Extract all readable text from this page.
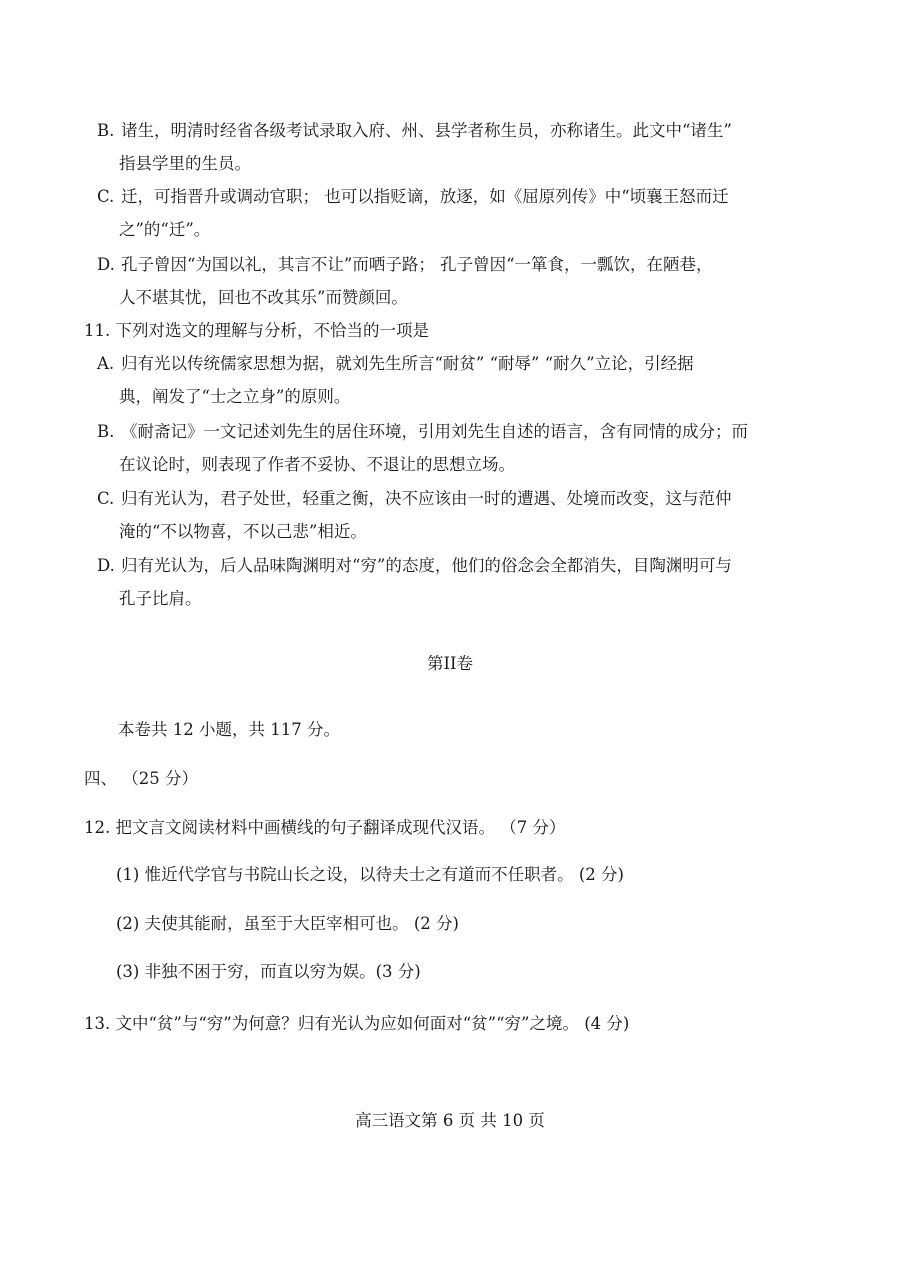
B. 诸生，明清时经省各级考试录取入府、州、县学者称生员，亦称诸生。此文中“诸生”
指县学里的生员。
C. 迁，可指晋升或调动官职； 也可以指贬谪，放逐，如《屈原列传》中“顷襄王怒而迁
之”的“迁”。
D. 孔子曾因“为国以礼，其言不让”而哂子路； 孔子曾因“一箪食，一瓢饮，在陋巷，
人不堪其忧，回也不改其乐”而赞颜回。
11. 下列对选文的理解与分析，不恰当的一项是
A. 归有光以传统儒家思想为据，就刘先生所言“耐贫” “耐辱” “耐久”立论，引经据
典，阐发了“士之立身”的原则。
B. 《耐斋记》一文记述刘先生的居住环境，引用刘先生自述的语言，含有同情的成分；而
在议论时，则表现了作者不妥协、不退让的思想立场。
C. 归有光认为，君子处世，轻重之衡，决不应该由一时的遭遇、处境而改变，这与范仲
淹的“不以物喜，不以己悲”相近。
D. 归有光认为，后人品味陶渊明对“穷”的态度，他们的俗念会全都消失，目陶渊明可与
孔子比肩。
第II卷
本卷共 12 小题，共 117 分。
四、 （25 分）
12. 把文言文阅读材料中画横线的句子翻译成现代汉语。 （7 分）
(1) 惟近代学官与书院山长之设，以待夫士之有道而不任职者。 (2 分)
(2) 夫使其能耐，虽至于大臣宰相可也。 (2 分)
(3) 非独不困于穷，而直以穷为娱。(3 分)
13. 文中“贫”与“穷”为何意？归有光认为应如何面对“贫”“穷”之境。 (4 分)
高三语文第 6 页 共 10 页
